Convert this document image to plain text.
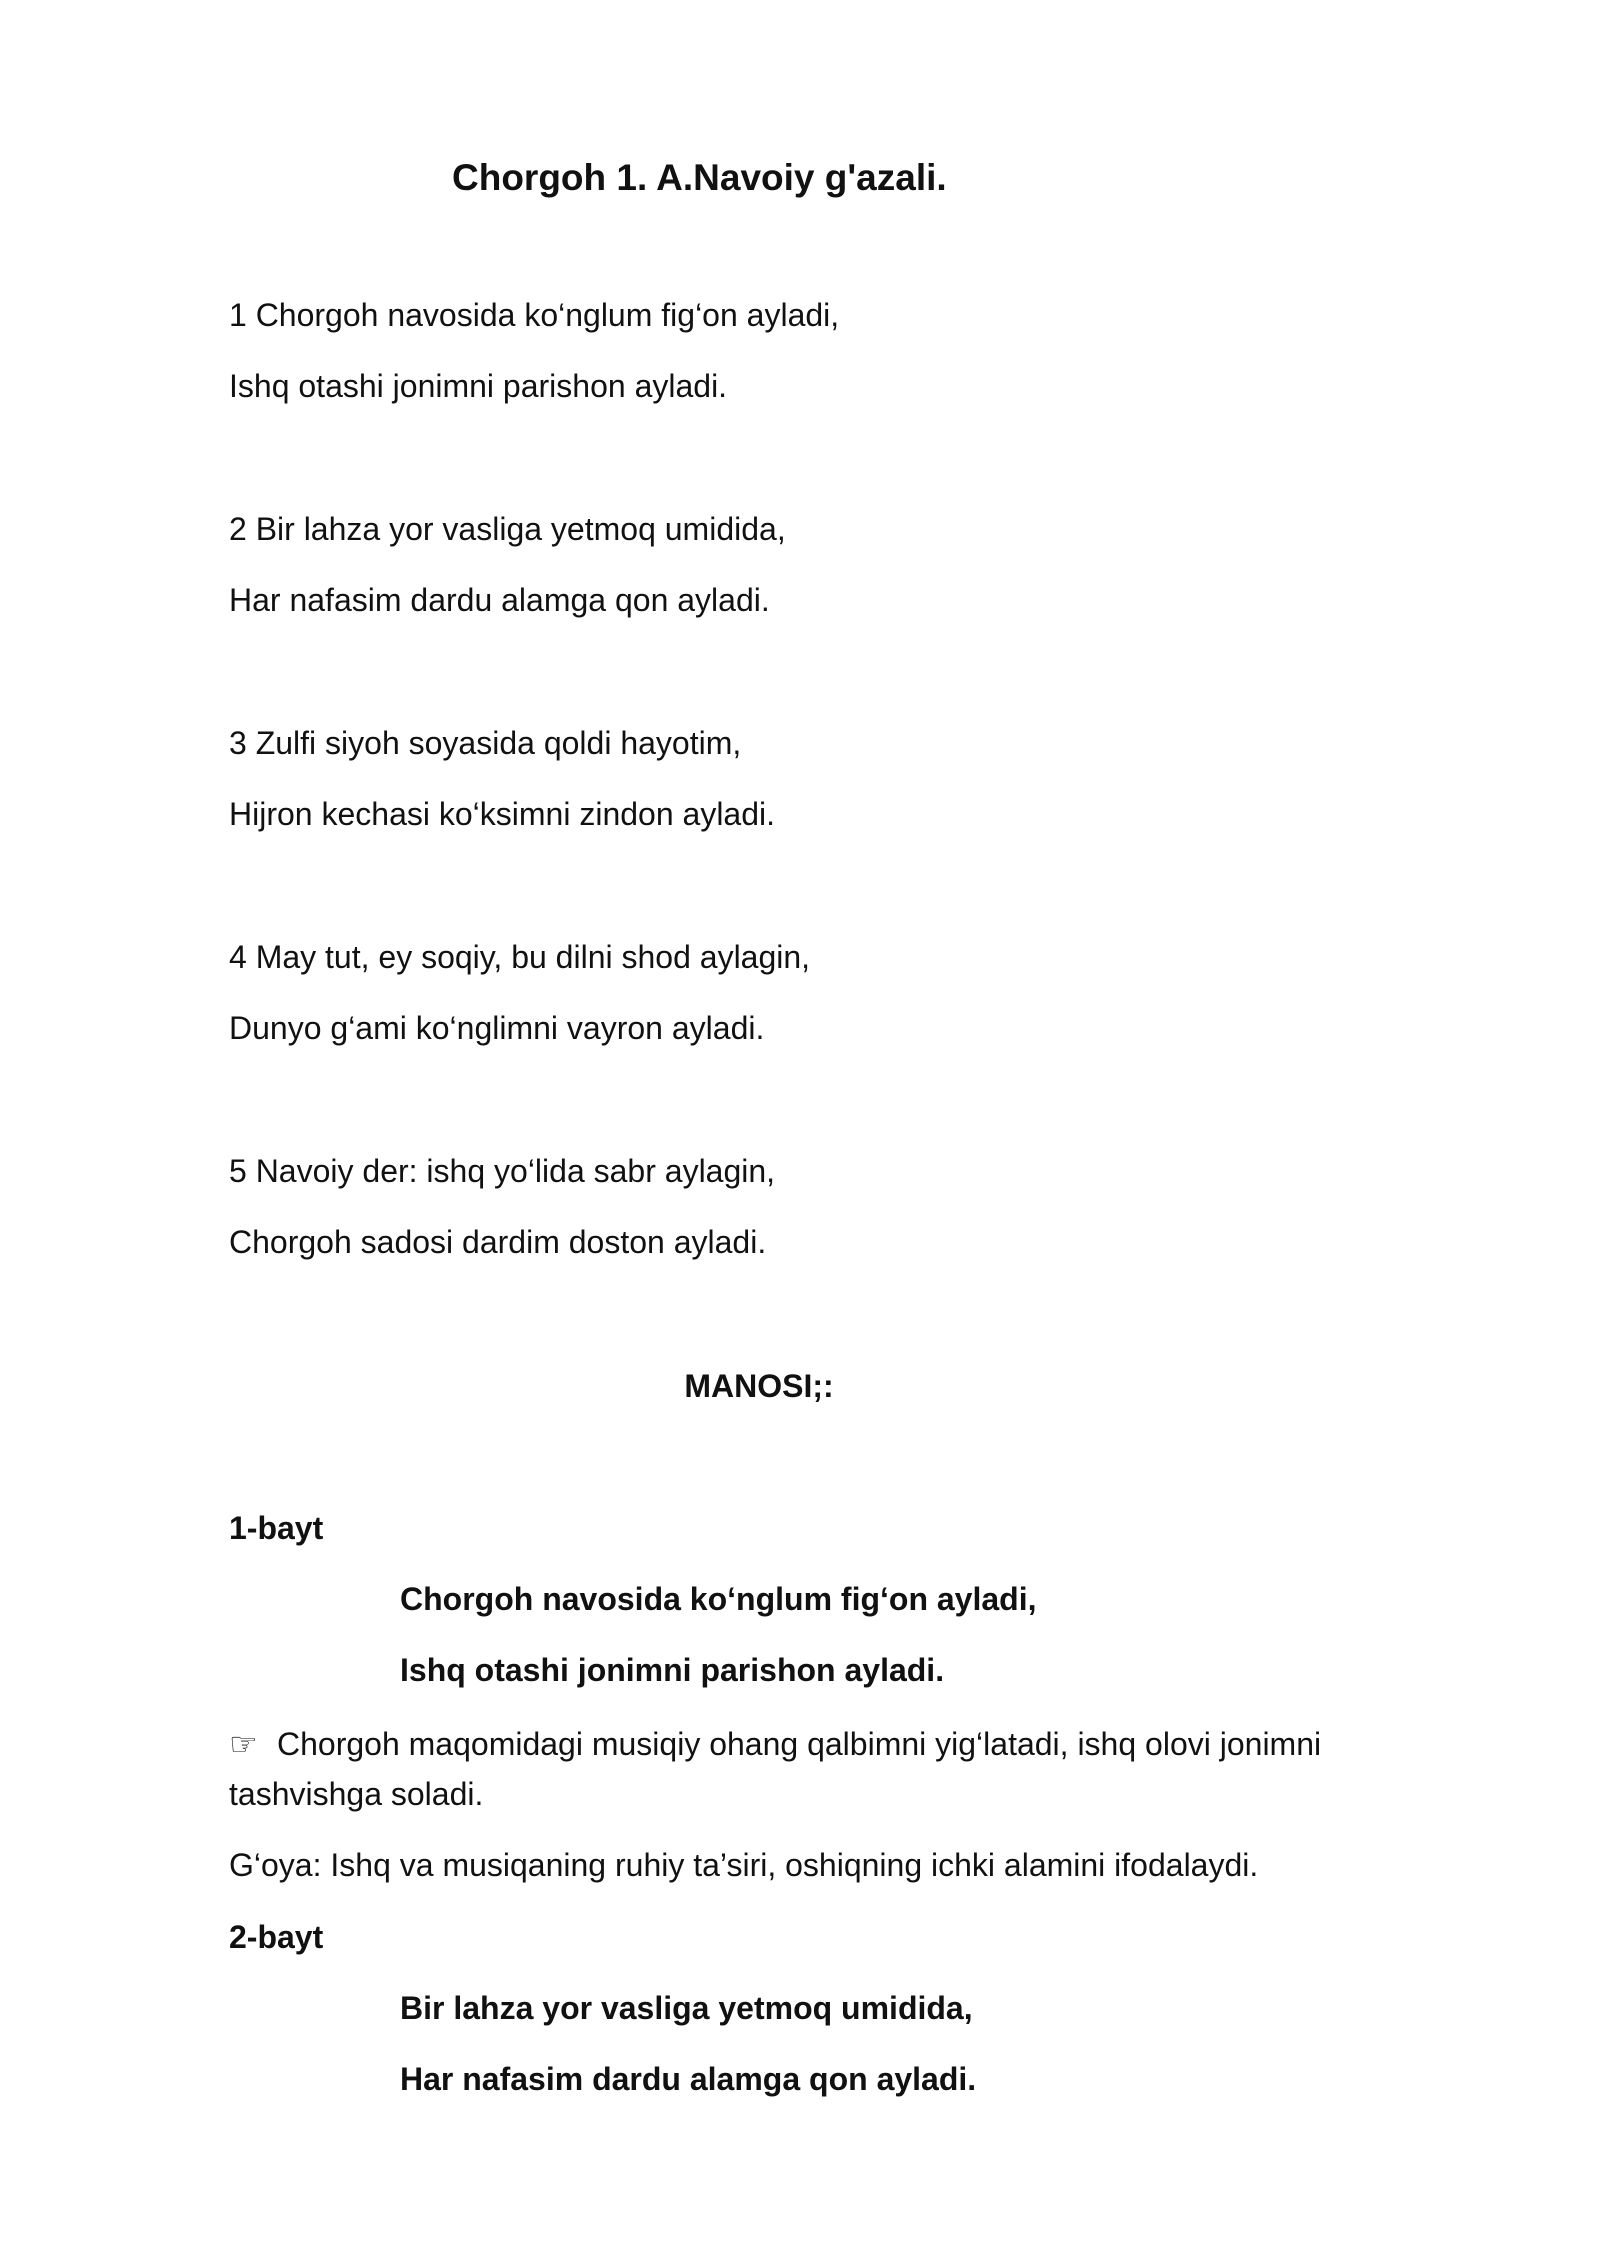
Chorgoh 1. A.Navoiy g'azali.

1 Chorgoh navosida ko‘nglum fig‘on ayladi,

Ishq otashi jonimni parishon ayladi.

2 Bir lahza yor vasliga yetmoq umidida,

Har nafasim dardu alamga qon ayladi.

3 Zulfi siyoh soyasida qoldi hayotim,

Hijron kechasi ko‘ksimni zindon ayladi.

4 May tut, ey soqiy, bu dilni shod aylagin,

Dunyo g‘ami ko‘nglimni vayron ayladi.

5 Navoiy der: ishq yo‘lida sabr aylagin,

Chorgoh sadosi dardim doston ayladi.

MANOSI;:

1-bayt

Chorgoh navosida ko‘nglum fig‘on ayladi,

Ishq otashi jonimni parishon ayladi.

☞ Chorgoh maqomidagi musiqiy ohang qalbimni yig‘latadi, ishq olovi jonimni tashvishga soladi.

G‘oya: Ishq va musiqaning ruhiy ta’siri, oshiqning ichki alamini ifodalaydi.

2-bayt

Bir lahza yor vasliga yetmoq umidida,

Har nafasim dardu alamga qon ayladi.
